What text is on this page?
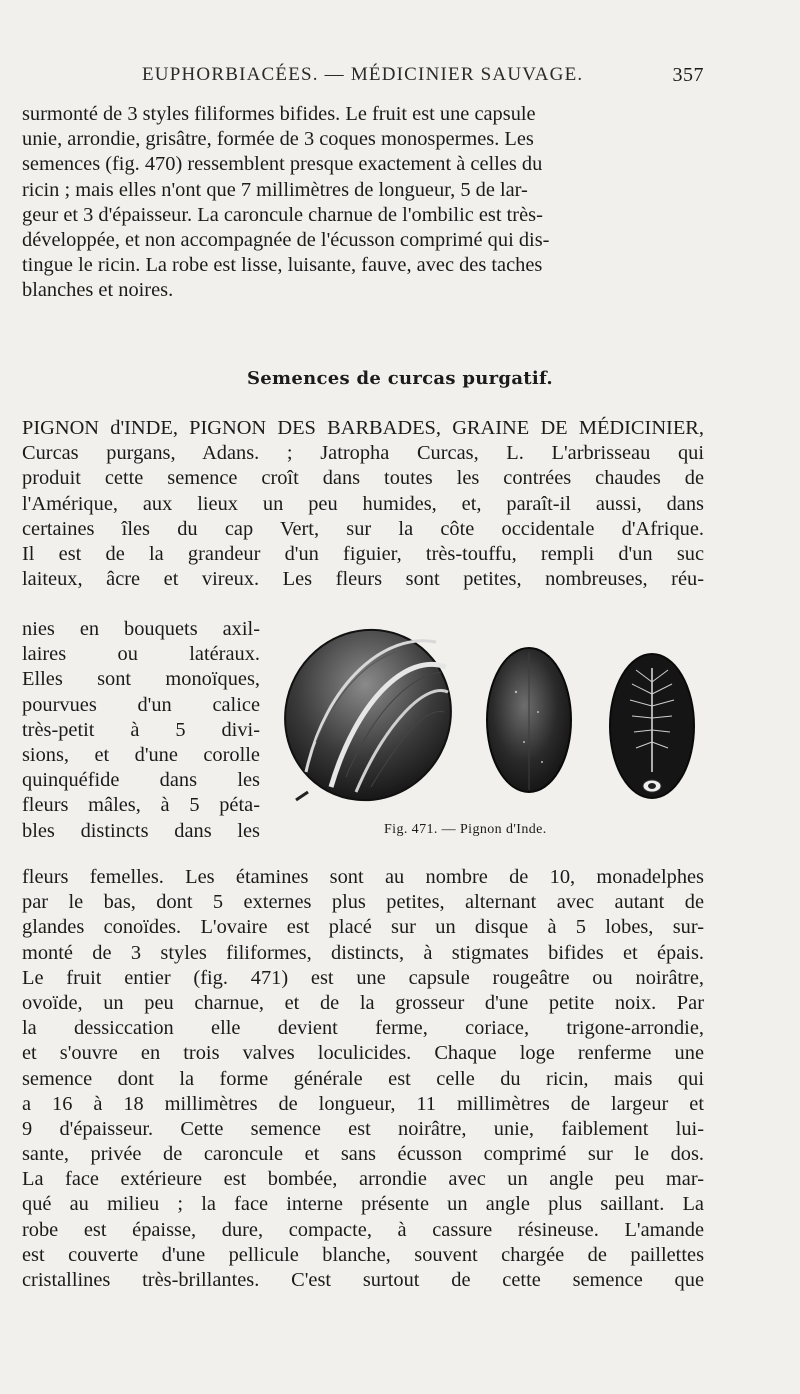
EUPHORBIACÉES. — MÉDICINIER SAUVAGE.	357
surmonté de 3 styles filiformes bifides. Le fruit est une capsule
unie, arrondie, grisâtre, formée de 3 coques monospermes. Les
semences (fig. 470) ressemblent presque exactement à celles du
ricin ; mais elles n'ont que 7 millimètres de longueur, 5 de lar-
geur et 3 d'épaisseur. La caroncule charnue de l'ombilic est très-
développée, et non accompagnée de l'écusson comprimé qui dis-
tingue le ricin. La robe est lisse, luisante, fauve, avec des taches
blanches et noires.
Semences de curcas purgatif.
PIGNON d'INDE, PIGNON DES BARBADES, GRAINE DE MÉDICINIER,
Curcas purgans, Adans. ; Jatropha Curcas, L. L'arbrisseau qui
produit cette semence croît dans toutes les contrées chaudes de
l'Amérique, aux lieux un peu humides, et, paraît-il aussi, dans
certaines îles du cap Vert, sur la côte occidentale d'Afrique.
Il est de la grandeur d'un figuier, très-touffu, rempli d'un suc
laiteux, âcre et vireux. Les fleurs sont petites, nombreuses, réu-
nies en bouquets axil-
laires ou latéraux.
Elles sont monoïques,
pourvues d'un calice
très-petit à 5 divi-
sions, et d'une corolle
quinquéfide dans les
fleurs mâles, à 5 péta-
bles distincts dans les	Fig. 471. — Pignon d'Inde.
fleurs femelles. Les étamines sont au nombre de 10, monadelphes
par le bas, dont 5 externes plus petites, alternant avec autant de
glandes conoïdes. L'ovaire est placé sur un disque à 5 lobes, sur-
monté de 3 styles filiformes, distincts, à stigmates bifides et épais.
Le fruit entier (fig. 471) est une capsule rougeâtre ou noirâtre,
ovoïde, un peu charnue, et de la grosseur d'une petite noix. Par
la dessiccation elle devient ferme, coriace, trigone-arrondie,
et s'ouvre en trois valves loculicides. Chaque loge renferme une
semence dont la forme générale est celle du ricin, mais qui
a 16 à 18 millimètres de longueur, 11 millimètres de largeur et
9 d'épaisseur. Cette semence est noirâtre, unie, faiblement lui-
sante, privée de caroncule et sans écusson comprimé sur le dos.
La face extérieure est bombée, arrondie avec un angle peu mar-
qué au milieu ; la face interne présente un angle plus saillant. La
robe est épaisse, dure, compacte, à cassure résineuse. L'amande
est couverte d'une pellicule blanche, souvent chargée de paillettes
cristallines très-brillantes. C'est surtout de cette semence que
